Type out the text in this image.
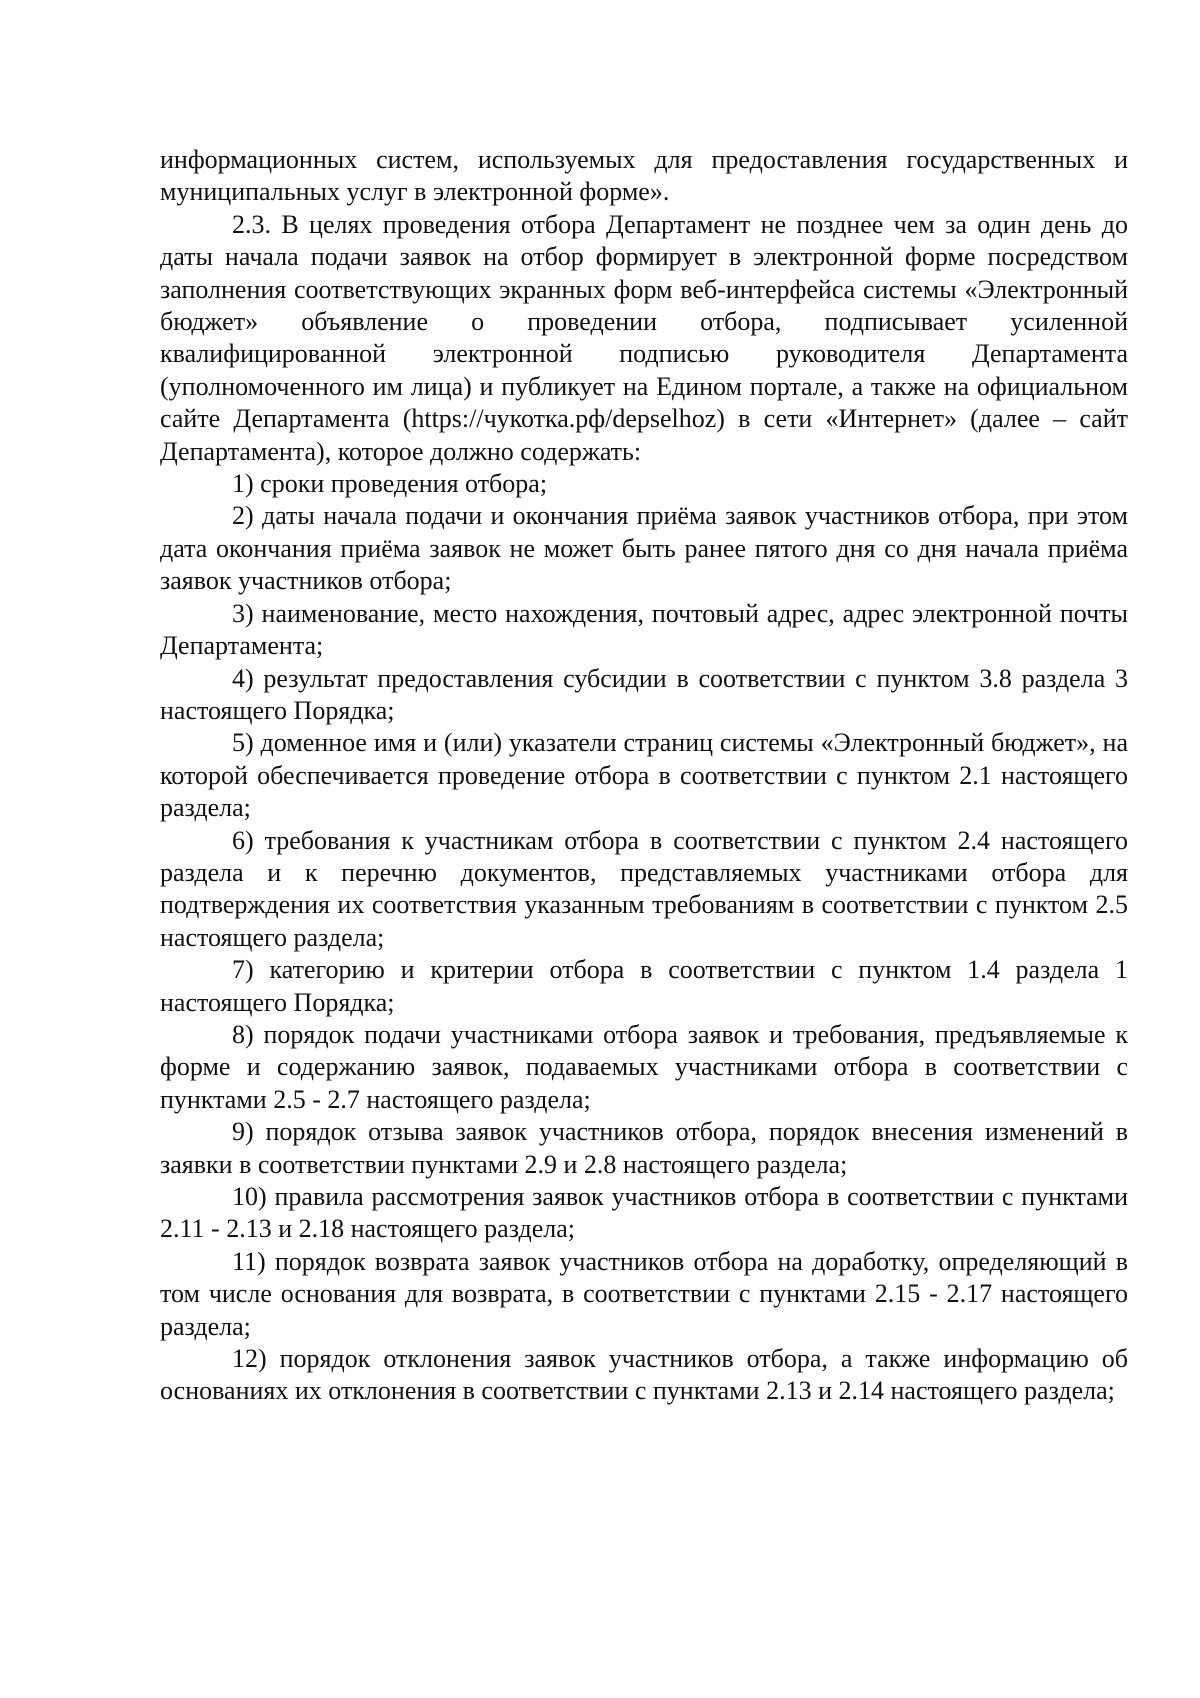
информационных систем, используемых для предоставления государственных и муниципальных услуг в электронной форме».

2.3. В целях проведения отбора Департамент не позднее чем за один день до даты начала подачи заявок на отбор формирует в электронной форме посредством заполнения соответствующих экранных форм веб-интерфейса системы «Электронный бюджет» объявление о проведении отбора, подписывает усиленной квалифицированной электронной подписью руководителя Департамента (уполномоченного им лица) и публикует на Едином портале, а также на официальном сайте Департамента (https://чукотка.рф/depselhoz) в сети «Интернет» (далее – сайт Департамента), которое должно содержать:

1) сроки проведения отбора;

2) даты начала подачи и окончания приёма заявок участников отбора, при этом дата окончания приёма заявок не может быть ранее пятого дня со дня начала приёма заявок участников отбора;

3) наименование, место нахождения, почтовый адрес, адрес электронной почты Департамента;

4) результат предоставления субсидии в соответствии с пунктом 3.8 раздела 3 настоящего Порядка;

5) доменное имя и (или) указатели страниц системы «Электронный бюджет», на которой обеспечивается проведение отбора в соответствии с пунктом 2.1 настоящего раздела;

6) требования к участникам отбора в соответствии с пунктом 2.4 настоящего раздела и к перечню документов, представляемых участниками отбора для подтверждения их соответствия указанным требованиям в соответствии с пунктом 2.5 настоящего раздела;

7) категорию и критерии отбора в соответствии с пунктом 1.4 раздела 1 настоящего Порядка;

8) порядок подачи участниками отбора заявок и требования, предъявляемые к форме и содержанию заявок, подаваемых участниками отбора в соответствии с пунктами 2.5 - 2.7 настоящего раздела;

9) порядок отзыва заявок участников отбора, порядок внесения изменений в заявки в соответствии пунктами 2.9 и 2.8 настоящего раздела;

10) правила рассмотрения заявок участников отбора в соответствии с пунктами 2.11 - 2.13 и 2.18 настоящего раздела;

11) порядок возврата заявок участников отбора на доработку, определяющий в том числе основания для возврата, в соответствии с пунктами 2.15 - 2.17 настоящего раздела;

12) порядок отклонения заявок участников отбора, а также информацию об основаниях их отклонения в соответствии с пунктами 2.13 и 2.14 настоящего раздела;
